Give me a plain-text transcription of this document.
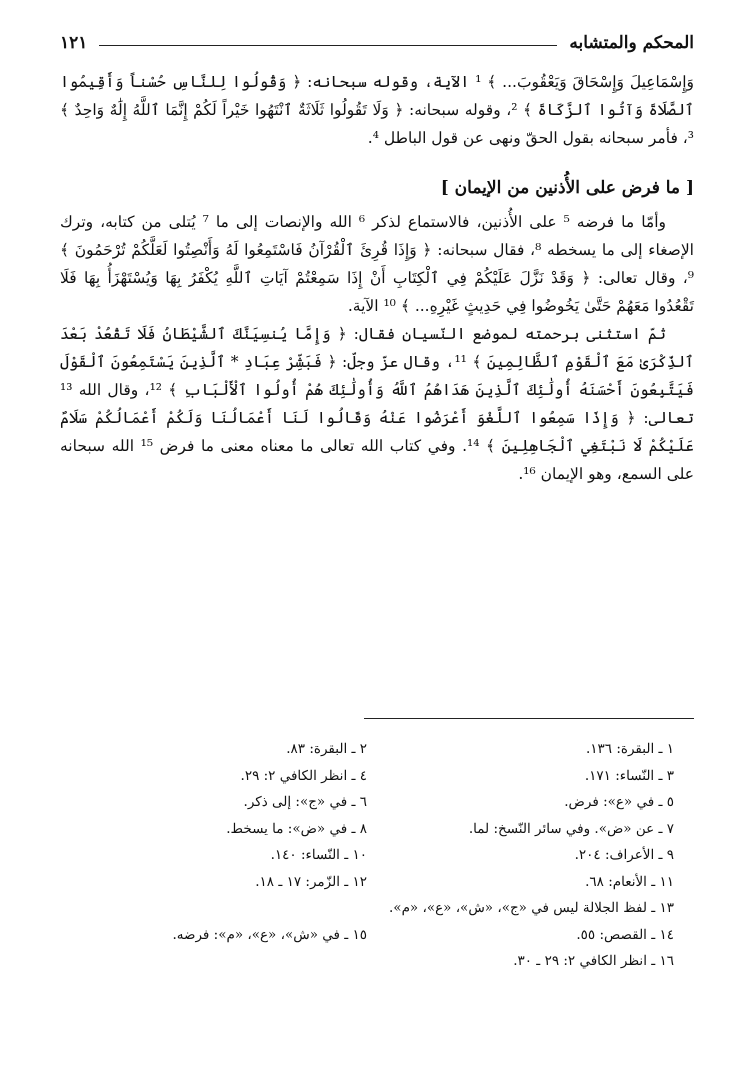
المحكم والمتشابه
١٢١

وَإِسْمَاعِيلَ وَإِسْحَاقَ وَيَعْقُوبَ... ﴾ ¹ الآية، وقوله سبحانه: ﴿ وَقُولُوا لِلنَّاسِ حُسْناً وَأَقِيمُوا ٱلصَّلَاةَ وَآتُوا ٱلزَّكَاةَ ﴾ ²، وقوله سبحانه: ﴿ وَلَا تَقُولُوا ثَلَاثَةٌ ٱنْتَهُوا خَيْراً لَكُمْ إِنَّمَا ٱللَّهُ إِلَٰهٌ وَاحِدٌ ﴾ ³، فأمر سبحانه بقول الحقّ ونهى عن قول الباطل ⁴.

[ ما فرض على الأُذنين من الإيمان ]

وأمّا ما فرضه ⁵ على الأُذنين، فالاستماع لذكر ⁶ الله والإنصات إلى ما ⁷ يُتلى من كتابه، وترك الإصغاء إلى ما يسخطه ⁸، فقال سبحانه: ﴿ وَإِذَا قُرِئَ ٱلْقُرْآنُ فَاسْتَمِعُوا لَهُ وَأَنْصِتُوا لَعَلَّكُمْ تُرْحَمُونَ ﴾ ⁹، وقال تعالى: ﴿ وَقَدْ نَزَّلَ عَلَيْكُمْ فِي ٱلْكِتَابِ أَنْ إِذَا سَمِعْتُمْ آيَاتِ ٱللَّهِ يُكْفَرُ بِهَا وَيُسْتَهْزَأُ بِهَا فَلَا تَقْعُدُوا مَعَهُمْ حَتَّىٰ يَخُوضُوا فِي حَدِيثٍ غَيْرِهِ... ﴾ ¹⁰ الآية.

ثمّ استثنى برحمته لموضع النّسيان فقال: ﴿ وَإِمَّا يُنسِيَنَّكَ ٱلشَّيْطَانُ فَلَا تَقْعُدْ بَعْدَ ٱلذِّكْرَىٰ مَعَ ٱلْقَوْمِ ٱلظَّالِمِينَ ﴾ ¹¹، وقال عزّ وجلّ: ﴿ فَبَشِّرْ عِبَادِ * ٱلَّذِينَ يَسْتَمِعُونَ ٱلْقَوْلَ فَيَتَّبِعُونَ أَحْسَنَهُ أُولَٰئِكَ ٱلَّذِينَ هَدَاهُمُ ٱللَّهُ وَأُولَٰئِكَ هُمْ أُولُوا ٱلْأَلْبَابِ ﴾ ¹²، وقال الله ¹³ تعالى: ﴿ وَإِذَا سَمِعُوا ٱللَّغْوَ أَعْرَضُوا عَنْهُ وَقَالُوا لَنَا أَعْمَالُنَا وَلَكُمْ أَعْمَالُكُمْ سَلَامٌ عَلَيْكُمْ لَا نَبْتَغِي ٱلْجَاهِلِينَ ﴾ ¹⁴. وفي كتاب الله تعالى ما معناه معنى ما فرض ¹⁵ الله سبحانه على السمع، وهو الإيمان ¹⁶.

١ ـ البقرة: ١٣٦.
٢ ـ البقرة: ٨٣.
٣ ـ النّساء: ١٧١.
٤ ـ انظر الكافي ٢: ٢٩.
٥ ـ في «ع»: فرض.
٦ ـ في «ج»: إلى ذكر.
٧ ـ عن «ض». وفي سائر النّسخ: لما.
٨ ـ في «ض»: ما يسخط.
٩ ـ الأعراف: ٢٠٤.
١٠ ـ النّساء: ١٤٠.
١١ ـ الأنعام: ٦٨.
١٢ ـ الزّمر: ١٧ ـ ١٨.
١٣ ـ لفظ الجلالة ليس في «ج»، «ش»، «ع»، «م».
١٤ ـ القصص: ٥٥.
١٥ ـ في «ش»، «ع»، «م»: فرضه.
١٦ ـ انظر الكافي ٢: ٢٩ ـ ٣٠.
